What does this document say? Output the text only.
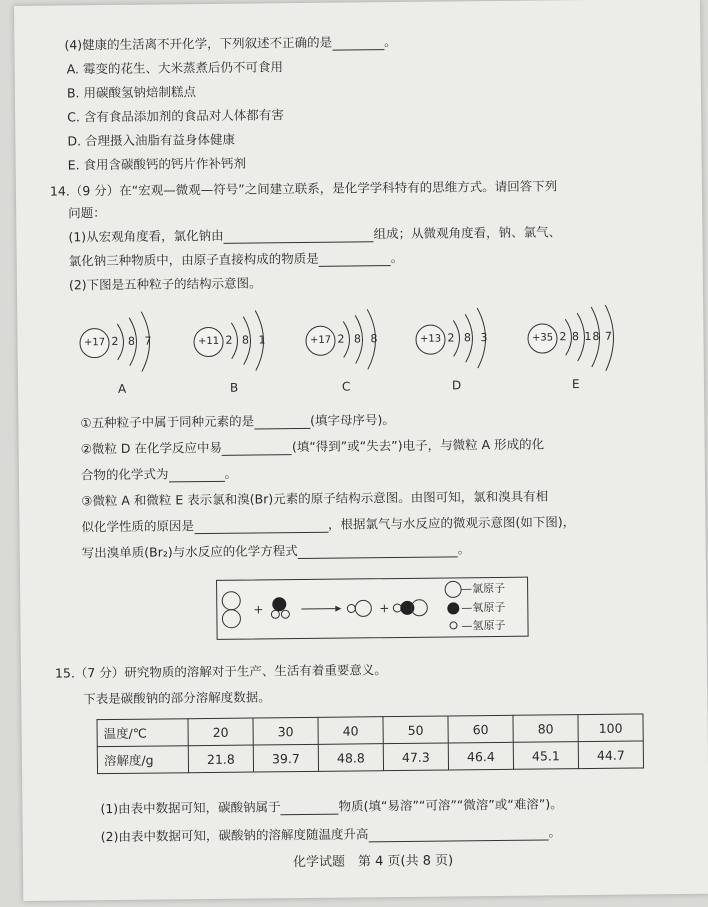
(4)健康的生活离不开化学，下列叙述不正确的是	。
A. 霉变的花生、大米蒸煮后仍不可食用
B. 用碳酸氢钠焙制糕点
C. 含有食品添加剂的食品对人体都有害
D. 合理摄入油脂有益身体健康
E. 食用含碳酸钙的钙片作补钙剂
14.（9 分）在“宏观—微观—符号”之间建立联系，是化学学科特有的思维方式。请回答下列
问题：
(1)从宏观角度看，氯化钠由	组成；从微观角度看，钠、氯气、
氯化钠三种物质中，由原子直接构成的物质是	。
(2)下图是五种粒子的结构示意图。
+17 2 8 7	+11 2 8 1	+17 2 8 8	+13 2 8 3	+35 2 8 18 7
A	B	C	D	E
①五种粒子中属于同种元素的是	(填字母序号)。
②微粒 D 在化学反应中易	(填“得到”或“失去”)电子，与微粒 A 形成的化
合物的化学式为	。
③微粒 A 和微粒 E 表示氯和溴(Br)元素的原子结构示意图。由图可知，氯和溴具有相
似化学性质的原因是	，根据氯气与水反应的微观示意图(如下图)，
写出溴单质(Br₂)与水反应的化学方程式	。
+	+
—氯原子
—氧原子
—氢原子
15.（7 分）研究物质的溶解对于生产、生活有着重要意义。
下表是碳酸钠的部分溶解度数据。
温度/℃	20	30	40	50	60	80	100
溶解度/g	21.8	39.7	48.8	47.3	46.4	45.1	44.7
(1)由表中数据可知，碳酸钠属于	物质(填“易溶”“可溶”“微溶”或“难溶”)。
(2)由表中数据可知，碳酸钠的溶解度随温度升高	。
化学试题　第 4 页(共 8 页)
